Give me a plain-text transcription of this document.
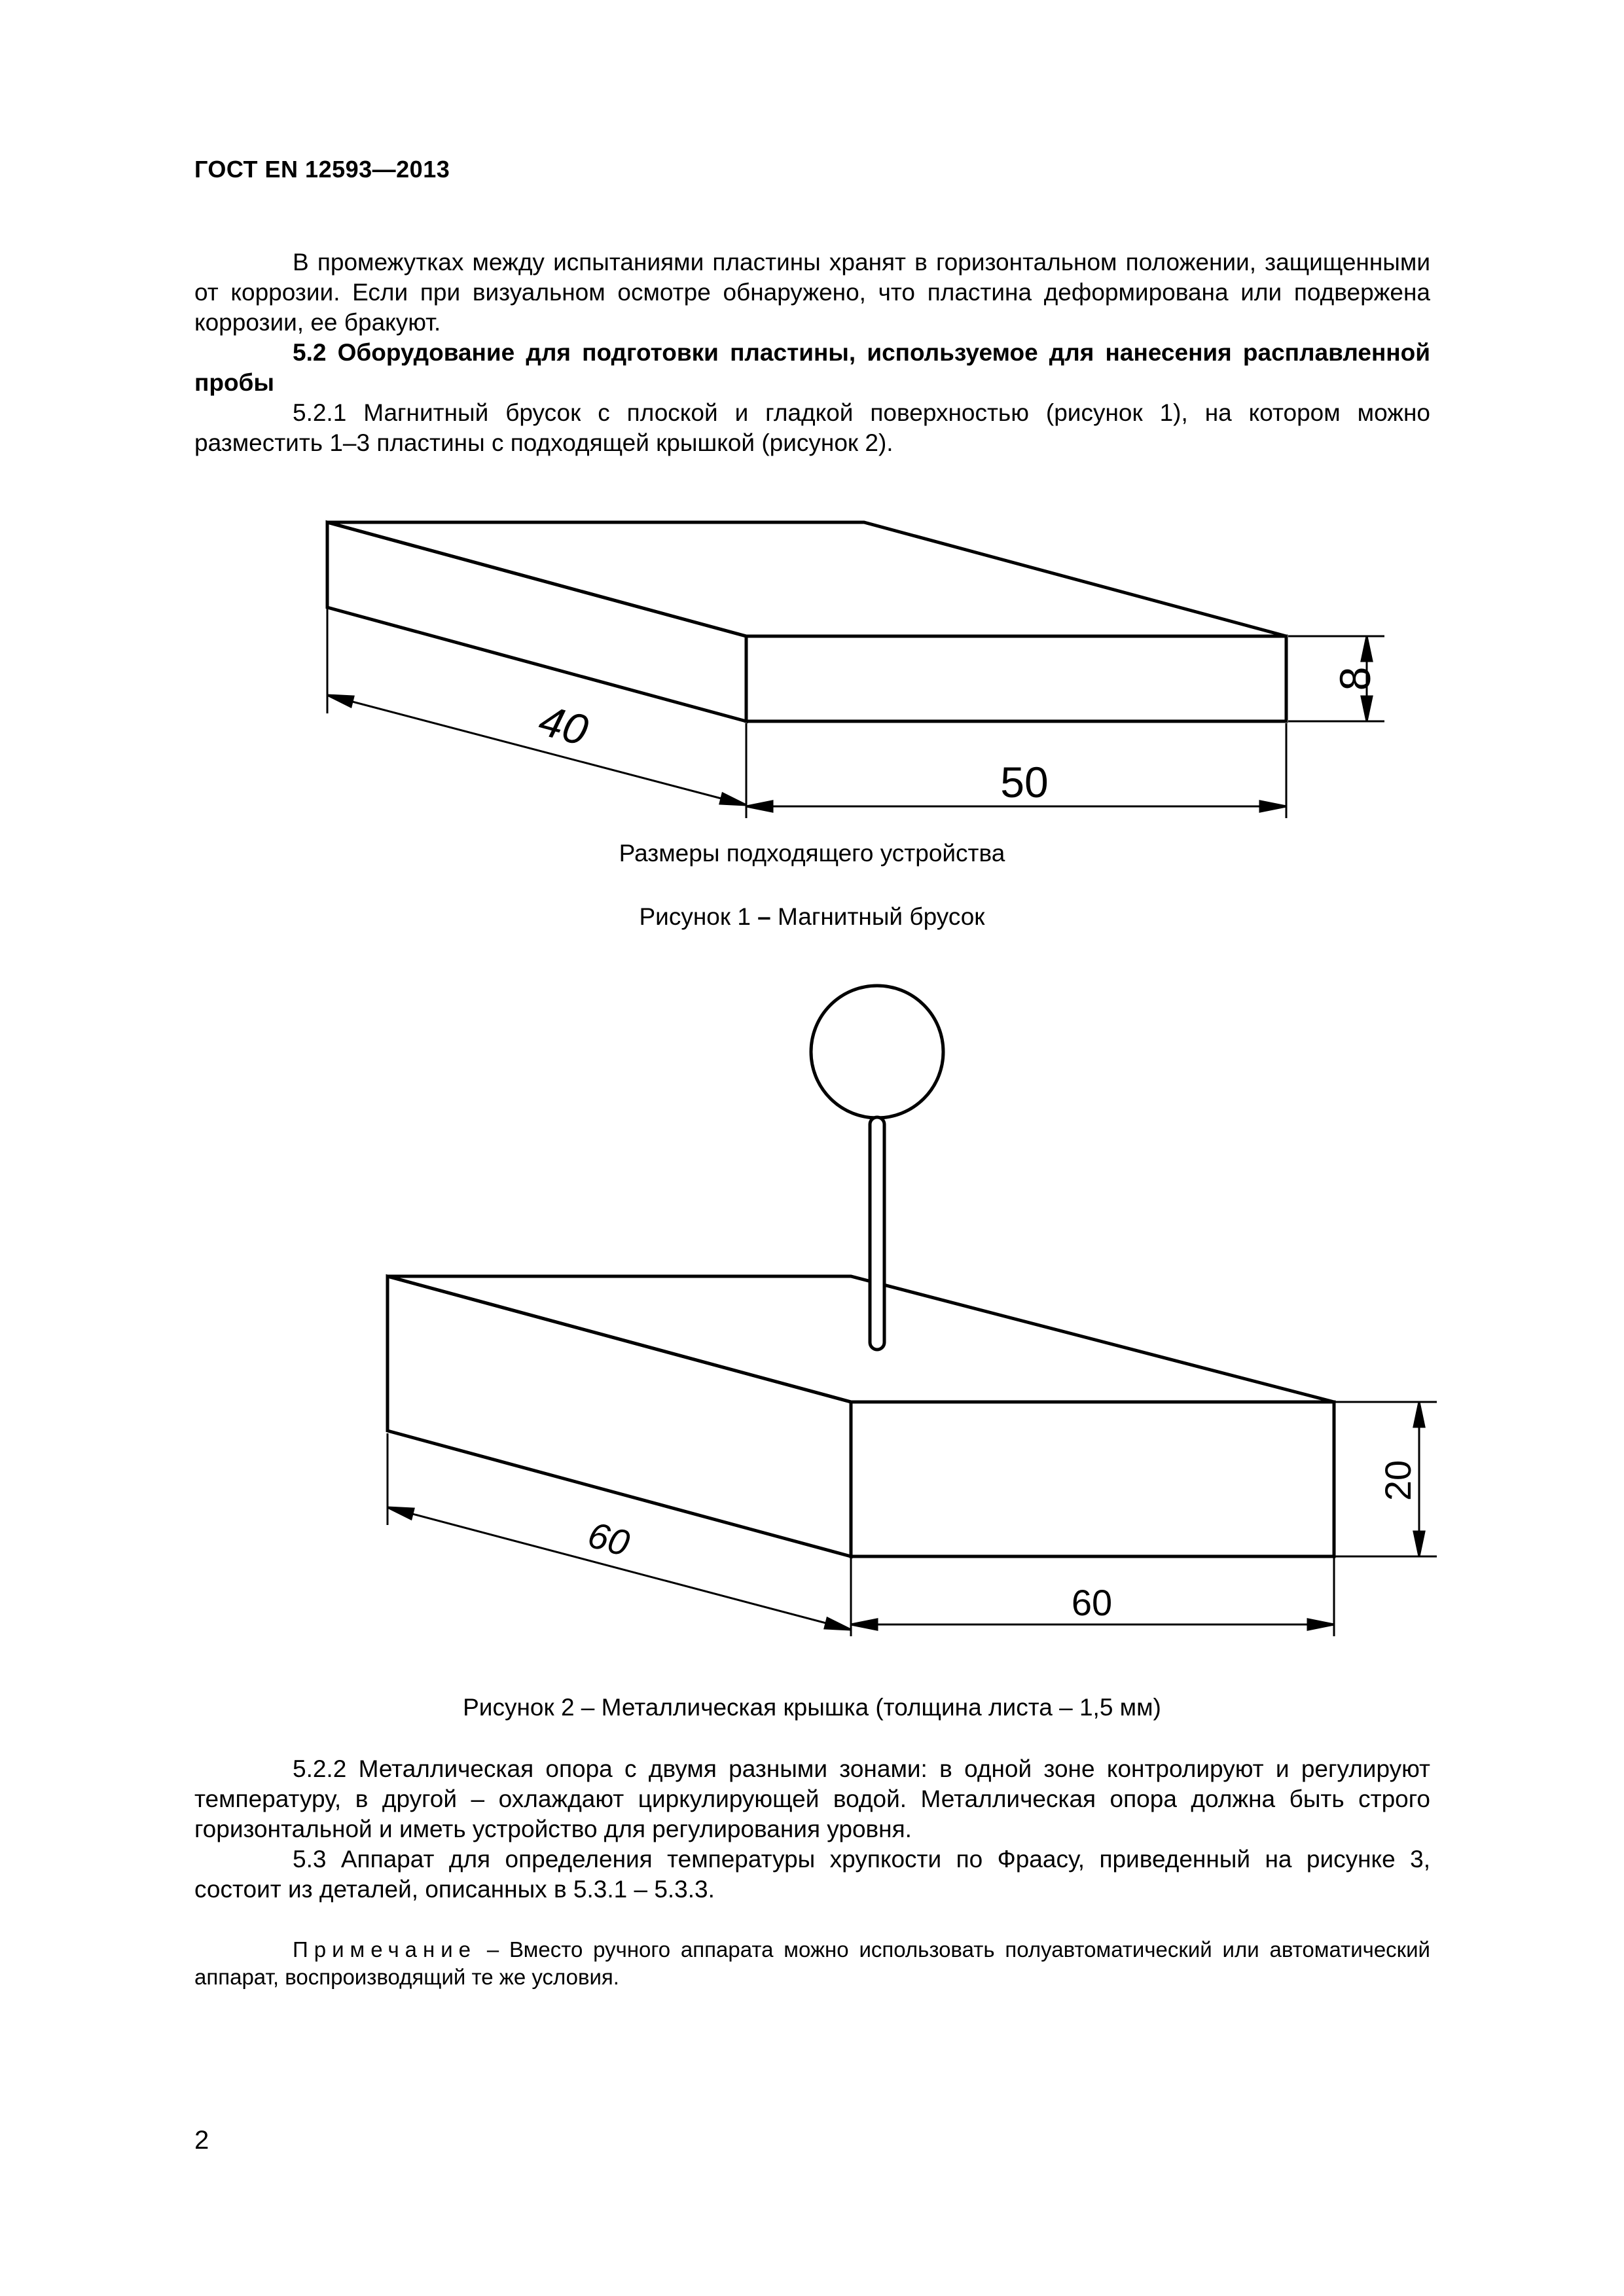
ГОСТ EN 12593—2013

В промежутках между испытаниями пластины хранят в горизонтальном положении, защищенными от коррозии. Если при визуальном осмотре обнаружено, что пластина деформирована или подвержена коррозии, ее бракуют.

5.2 Оборудование для подготовки пластины, используемое для нанесения расплавленной пробы

5.2.1 Магнитный брусок с плоской и гладкой поверхностью (рисунок 1), на котором можно разместить 1–3 пластины с подходящей крышкой (рисунок 2).

40
50
8
Размеры подходящего устройства
Рисунок 1 – Магнитный брусок
60
60
20
Рисунок 2 – Металлическая крышка (толщина листа – 1,5 мм)

5.2.2 Металлическая опора с двумя разными зонами: в одной зоне контролируют и регулируют температуру, в другой – охлаждают циркулирующей водой. Металлическая опора должна быть строго горизонтальной и иметь устройство для регулирования уровня.

5.3 Аппарат для определения температуры хрупкости по Фраасу, приведенный на рисунке 3, состоит из деталей, описанных в 5.3.1 – 5.3.3.

Примечание – Вместо ручного аппарата можно использовать полуавтоматический или автоматический аппарат, воспроизводящий те же условия.

2
